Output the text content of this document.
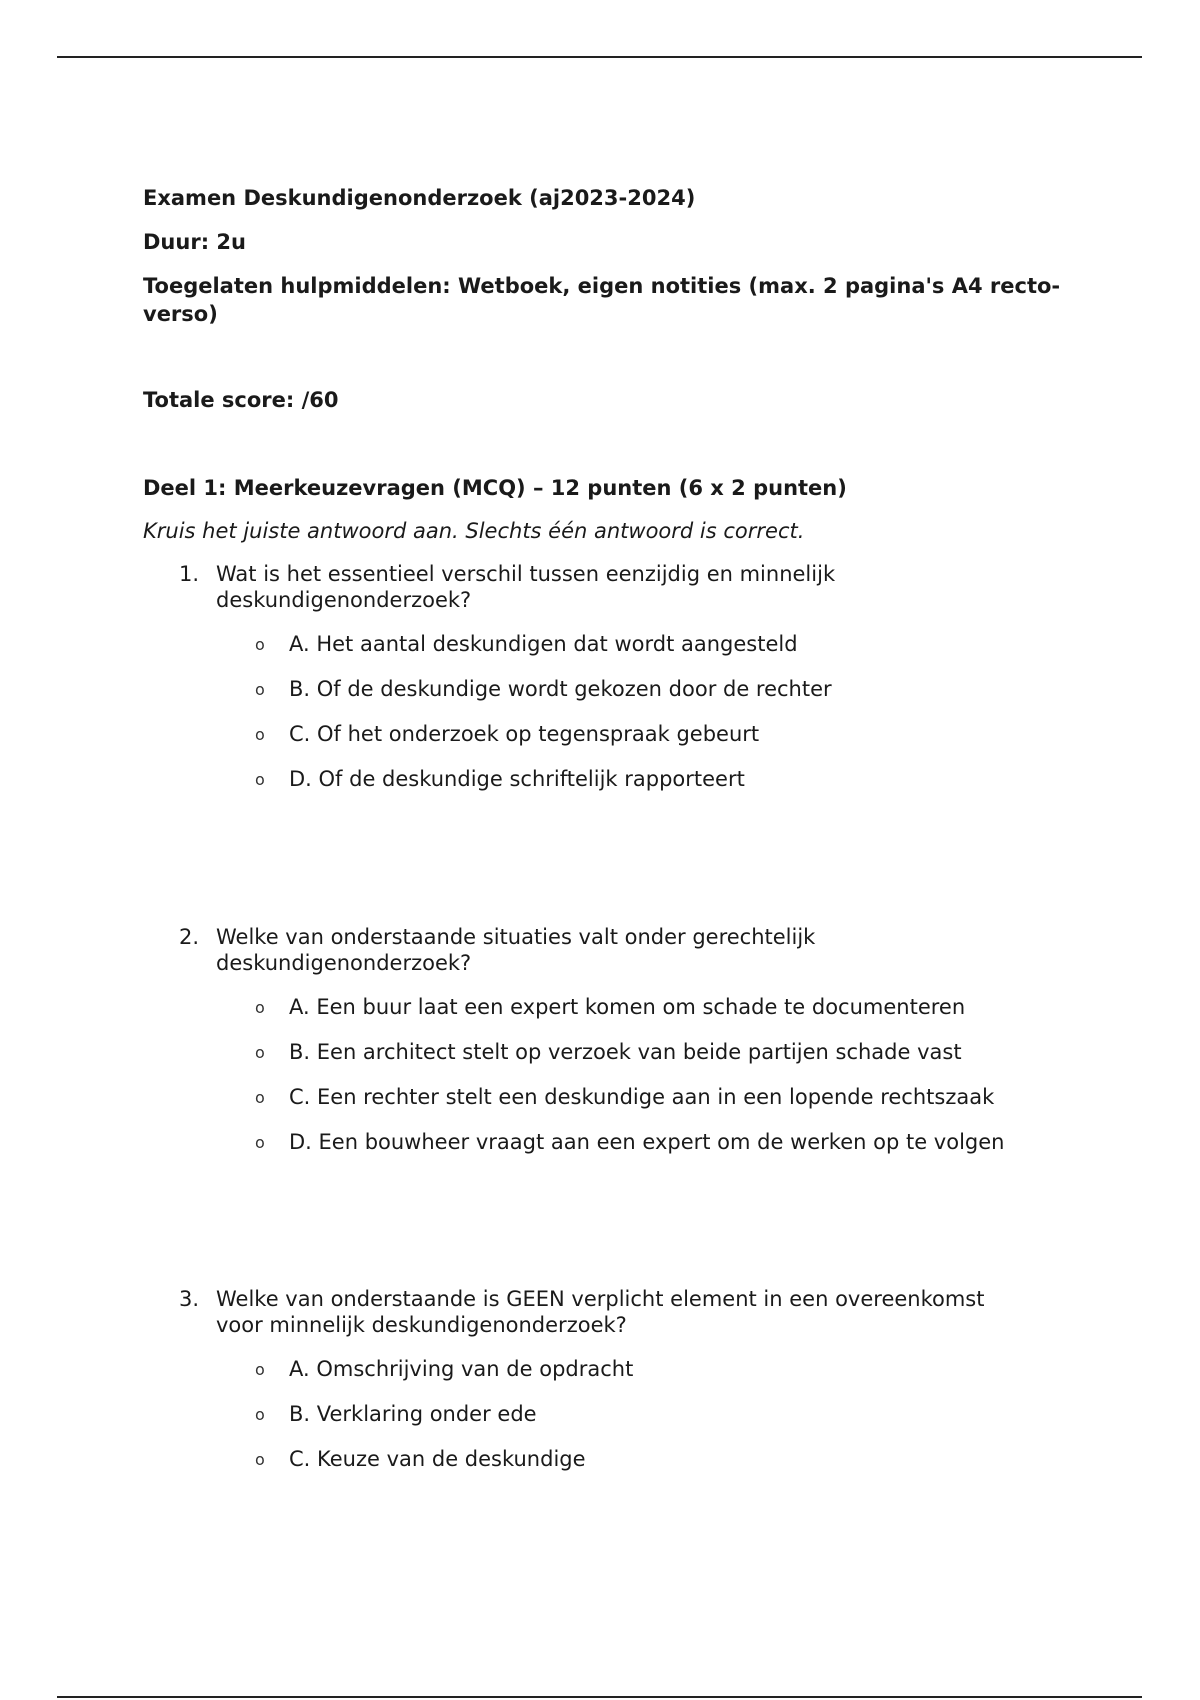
Examen Deskundigenonderzoek (aj2023-2024)

Duur: 2u

Toegelaten hulpmiddelen: Wetboek, eigen notities (max. 2 pagina's A4 recto-verso)

Totale score: /60

Deel 1: Meerkeuzevragen (MCQ) – 12 punten (6 x 2 punten)

Kruis het juiste antwoord aan. Slechts één antwoord is correct.

1. Wat is het essentieel verschil tussen eenzijdig en minnelijk deskundigenonderzoek?
o A. Het aantal deskundigen dat wordt aangesteld
o B. Of de deskundige wordt gekozen door de rechter
o C. Of het onderzoek op tegenspraak gebeurt
o D. Of de deskundige schriftelijk rapporteert
2. Welke van onderstaande situaties valt onder gerechtelijk deskundigenonderzoek?
o A. Een buur laat een expert komen om schade te documenteren
o B. Een architect stelt op verzoek van beide partijen schade vast
o C. Een rechter stelt een deskundige aan in een lopende rechtszaak
o D. Een bouwheer vraagt aan een expert om de werken op te volgen
3. Welke van onderstaande is GEEN verplicht element in een overeenkomst voor minnelijk deskundigenonderzoek?
o A. Omschrijving van de opdracht
o B. Verklaring onder ede
o C. Keuze van de deskundige
